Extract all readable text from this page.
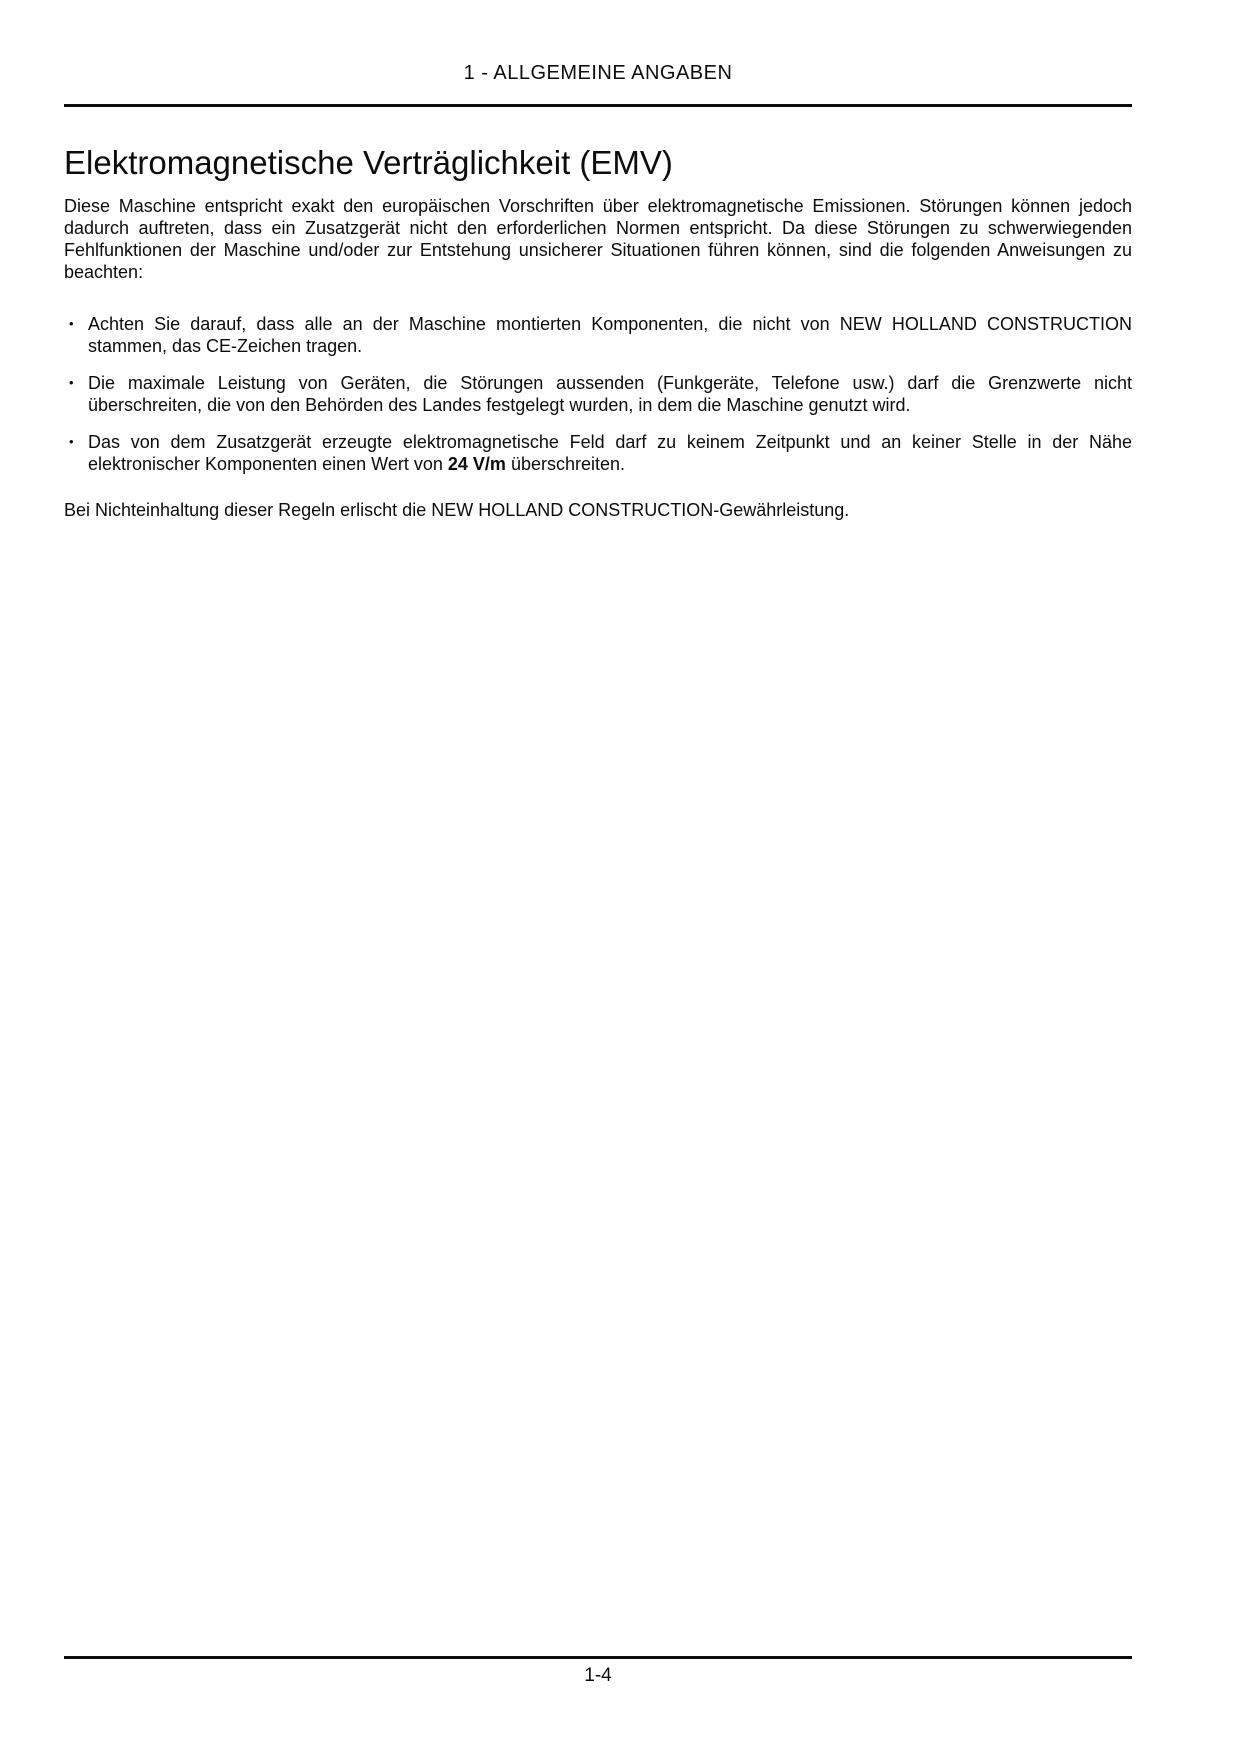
1 - ALLGEMEINE ANGABEN
Elektromagnetische Verträglichkeit (EMV)

Diese Maschine entspricht exakt den europäischen Vorschriften über elektromagnetische Emissionen. Störungen können jedoch dadurch auftreten, dass ein Zusatzgerät nicht den erforderlichen Normen entspricht. Da diese Störungen zu schwerwiegenden Fehlfunktionen der Maschine und/oder zur Entstehung unsicherer Situationen führen können, sind die folgenden Anweisungen zu beachten:

• Achten Sie darauf, dass alle an der Maschine montierten Komponenten, die nicht von NEW HOLLAND CONSTRUCTION stammen, das CE-Zeichen tragen.
• Die maximale Leistung von Geräten, die Störungen aussenden (Funkgeräte, Telefone usw.) darf die Grenzwerte nicht überschreiten, die von den Behörden des Landes festgelegt wurden, in dem die Maschine genutzt wird.
• Das von dem Zusatzgerät erzeugte elektromagnetische Feld darf zu keinem Zeitpunkt und an keiner Stelle in der Nähe elektronischer Komponenten einen Wert von 24 V/m überschreiten.

Bei Nichteinhaltung dieser Regeln erlischt die NEW HOLLAND CONSTRUCTION-Gewährleistung.

1-4
